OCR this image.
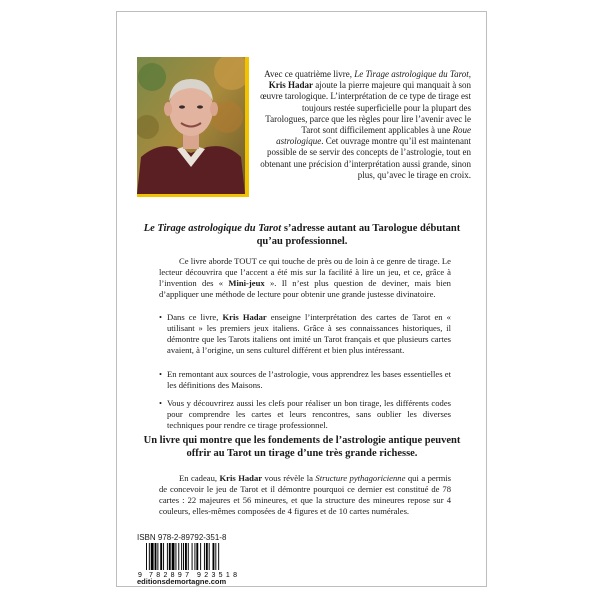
Avec ce quatrième livre, Le Tirage astrologique du Tarot, Kris Hadar ajoute la pierre majeure qui manquait à son œuvre tarologique. L’interprétation de ce type de tirage est toujours restée superficielle pour la plupart des Tarologues, parce que les règles pour lire l’avenir avec le Tarot sont difficilement applicables à une Roue astrologique. Cet ouvrage montre qu’il est maintenant possible de se servir des concepts de l’astrologie, tout en obtenant une précision d’interprétation aussi grande, sinon plus, qu’avec le tirage en croix.

Le Tirage astrologique du Tarot s’adresse autant au Tarologue débutant qu’au professionnel.

Ce livre aborde TOUT ce qui touche de près ou de loin à ce genre de tirage. Le lecteur découvrira que l’accent a été mis sur la facilité à lire un jeu, et ce, grâce à l’invention des « Mini-jeux ». Il n’est plus question de deviner, mais bien d’appliquer une méthode de lecture pour obtenir une grande justesse divinatoire.

• Dans ce livre, Kris Hadar enseigne l’interprétation des cartes de Tarot en « utilisant » les premiers jeux italiens. Grâce à ses connaissances historiques, il démontre que les Tarots italiens ont imité un Tarot français et que plusieurs cartes avaient, à l’origine, un sens culturel différent et bien plus intéressant.
• En remontant aux sources de l’astrologie, vous apprendrez les bases essentielles et les définitions des Maisons.
• Vous y découvrirez aussi les clefs pour réaliser un bon tirage, les différents codes pour comprendre les cartes et leurs rencontres, sans oublier les diverses techniques pour rendre ce tirage professionnel.

Un livre qui montre que les fondements de l’astrologie antique peuvent offrir au Tarot un tirage d’une très grande richesse.

En cadeau, Kris Hadar vous révèle la Structure pythagoricienne qui a permis de concevoir le jeu de Tarot et il démontre pourquoi ce dernier est constitué de 78 cartes : 22 majeures et 56 mineures, et que la structure des mineures repose sur 4 couleurs, elles-mêmes composées de 4 figures et de 10 cartes numérales.

ISBN 978-2-89792-351-8

9 782897 923518

editionsdemortagne.com
